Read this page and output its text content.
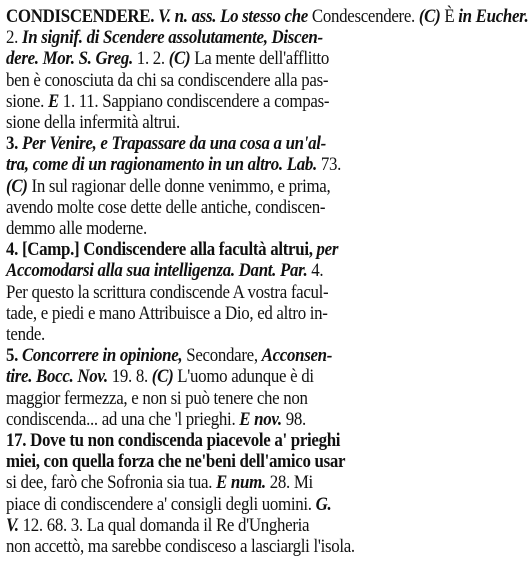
CONDISCENDERE. V. n. ass. Lo stesso che Condescendere. (C) È in Eucher.
2. In signif. di Scendere assolutamente, Discen-
dere. Mor. S. Greg. 1. 2. (C) La mente dell'afflitto
ben è conosciuta da chi sa condiscendere alla pas-
sione. E 1. 11. Sappiano condiscendere a compas-
sione della infermità altrui.
3. Per Venire, e Trapassare da una cosa a un'al-
tra, come di un ragionamento in un altro. Lab. 73.
(C) In sul ragionar delle donne venimmo, e prima,
avendo molte cose dette delle antiche, condiscen-
demmo alle moderne.
4. [Camp.] Condiscendere alla facultà altrui, per
Accomodarsi alla sua intelligenza. Dant. Par. 4.
Per questo la scrittura condiscende A vostra facul-
tade, e piedi e mano Attribuisce a Dio, ed altro in-
tende.
5. Concorrere in opinione, Secondare, Acconsen-
tire. Bocc. Nov. 19. 8. (C) L'uomo adunque è di
maggior fermezza, e non si può tenere che non
condiscenda... ad una che 'l prieghi. E nov. 98.
17. Dove tu non condiscenda piacevole a' prieghi
miei, con quella forza che ne'beni dell'amico usar
si dee, farò che Sofronia sia tua. E num. 28. Mi
piace di condiscendere a' consigli degli uomini. G.
V. 12. 68. 3. La qual domanda il Re d'Ungheria
non accettò, ma sarebbe condisceso a lasciargli l'isola.
